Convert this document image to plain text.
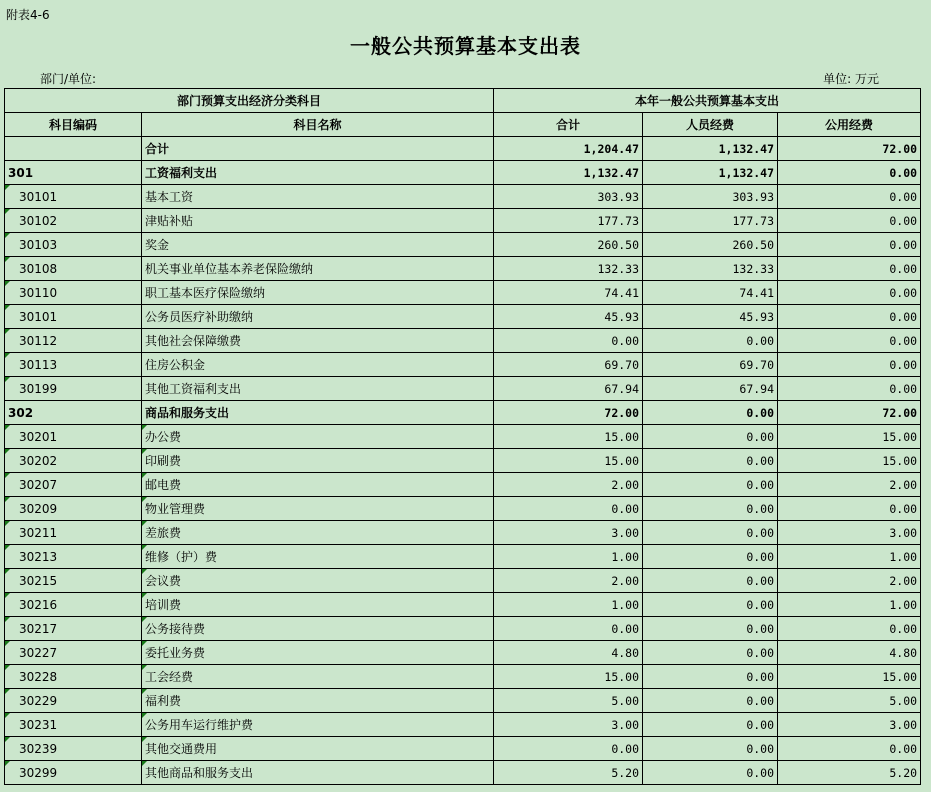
附表4-6
一般公共预算基本支出表
部门/单位:	单位: 万元
部门预算支出经济分类科目		本年一般公共预算基本支出		
科目编码	科目名称	合计	人员经费	公用经费
	合计	1,204.47	1,132.47	72.00
301	工资福利支出	1,132.47	1,132.47	0.00
30101	基本工资	303.93	303.93	0.00
30102	津贴补贴	177.73	177.73	0.00
30103	奖金	260.50	260.50	0.00
30108	机关事业单位基本养老保险缴纳	132.33	132.33	0.00
30110	职工基本医疗保险缴纳	74.41	74.41	0.00
30101	公务员医疗补助缴纳	45.93	45.93	0.00
30112	其他社会保障缴费	0.00	0.00	0.00
30113	住房公积金	69.70	69.70	0.00
30199	其他工资福利支出	67.94	67.94	0.00
302	商品和服务支出	72.00	0.00	72.00
30201	办公费	15.00	0.00	15.00
30202	印刷费	15.00	0.00	15.00
30207	邮电费	2.00	0.00	2.00
30209	物业管理费	0.00	0.00	0.00
30211	差旅费	3.00	0.00	3.00
30213	维修（护）费	1.00	0.00	1.00
30215	会议费	2.00	0.00	2.00
30216	培训费	1.00	0.00	1.00
30217	公务接待费	0.00	0.00	0.00
30227	委托业务费	4.80	0.00	4.80
30228	工会经费	15.00	0.00	15.00
30229	福利费	5.00	0.00	5.00
30231	公务用车运行维护费	3.00	0.00	3.00
30239	其他交通费用	0.00	0.00	0.00
30299	其他商品和服务支出	5.20	0.00	5.20
